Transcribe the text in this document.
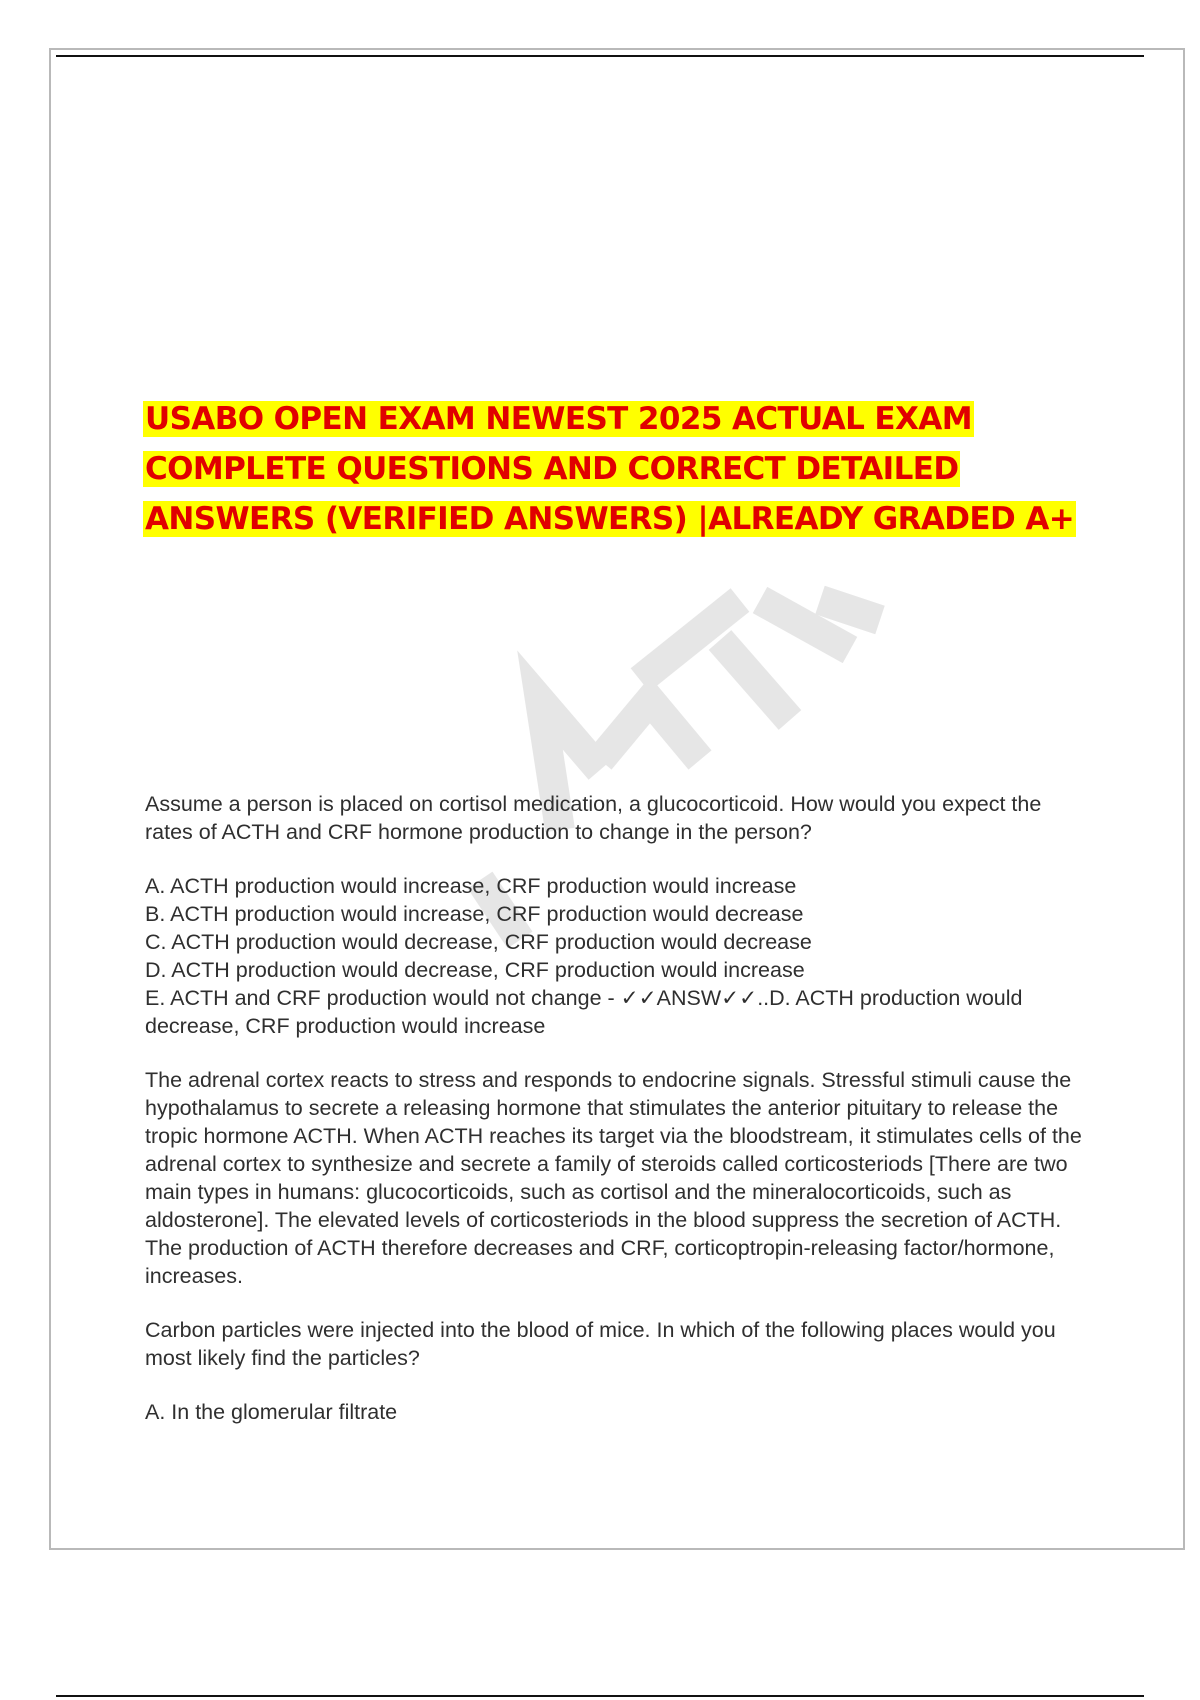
USABO OPEN EXAM NEWEST 2025 ACTUAL EXAM COMPLETE QUESTIONS AND CORRECT DETAILED ANSWERS (VERIFIED ANSWERS) |ALREADY GRADED A+

Assume a person is placed on cortisol medication, a glucocorticoid. How would you expect the rates of ACTH and CRF hormone production to change in the person?

A. ACTH production would increase, CRF production would increase
B. ACTH production would increase, CRF production would decrease
C. ACTH production would decrease, CRF production would decrease
D. ACTH production would decrease, CRF production would increase
E. ACTH and CRF production would not change - ✓✓ANSW✓✓..D. ACTH production would decrease, CRF production would increase

The adrenal cortex reacts to stress and responds to endocrine signals. Stressful stimuli cause the hypothalamus to secrete a releasing hormone that stimulates the anterior pituitary to release the tropic hormone ACTH. When ACTH reaches its target via the bloodstream, it stimulates cells of the adrenal cortex to synthesize and secrete a family of steroids called corticosteriods [There are two main types in humans: glucocorticoids, such as cortisol and the mineralocorticoids, such as aldosterone]. The elevated levels of corticosteriods in the blood suppress the secretion of ACTH. The production of ACTH therefore decreases and CRF, corticoptropin-releasing factor/hormone, increases.

Carbon particles were injected into the blood of mice. In which of the following places would you most likely find the particles?

A. In the glomerular filtrate
